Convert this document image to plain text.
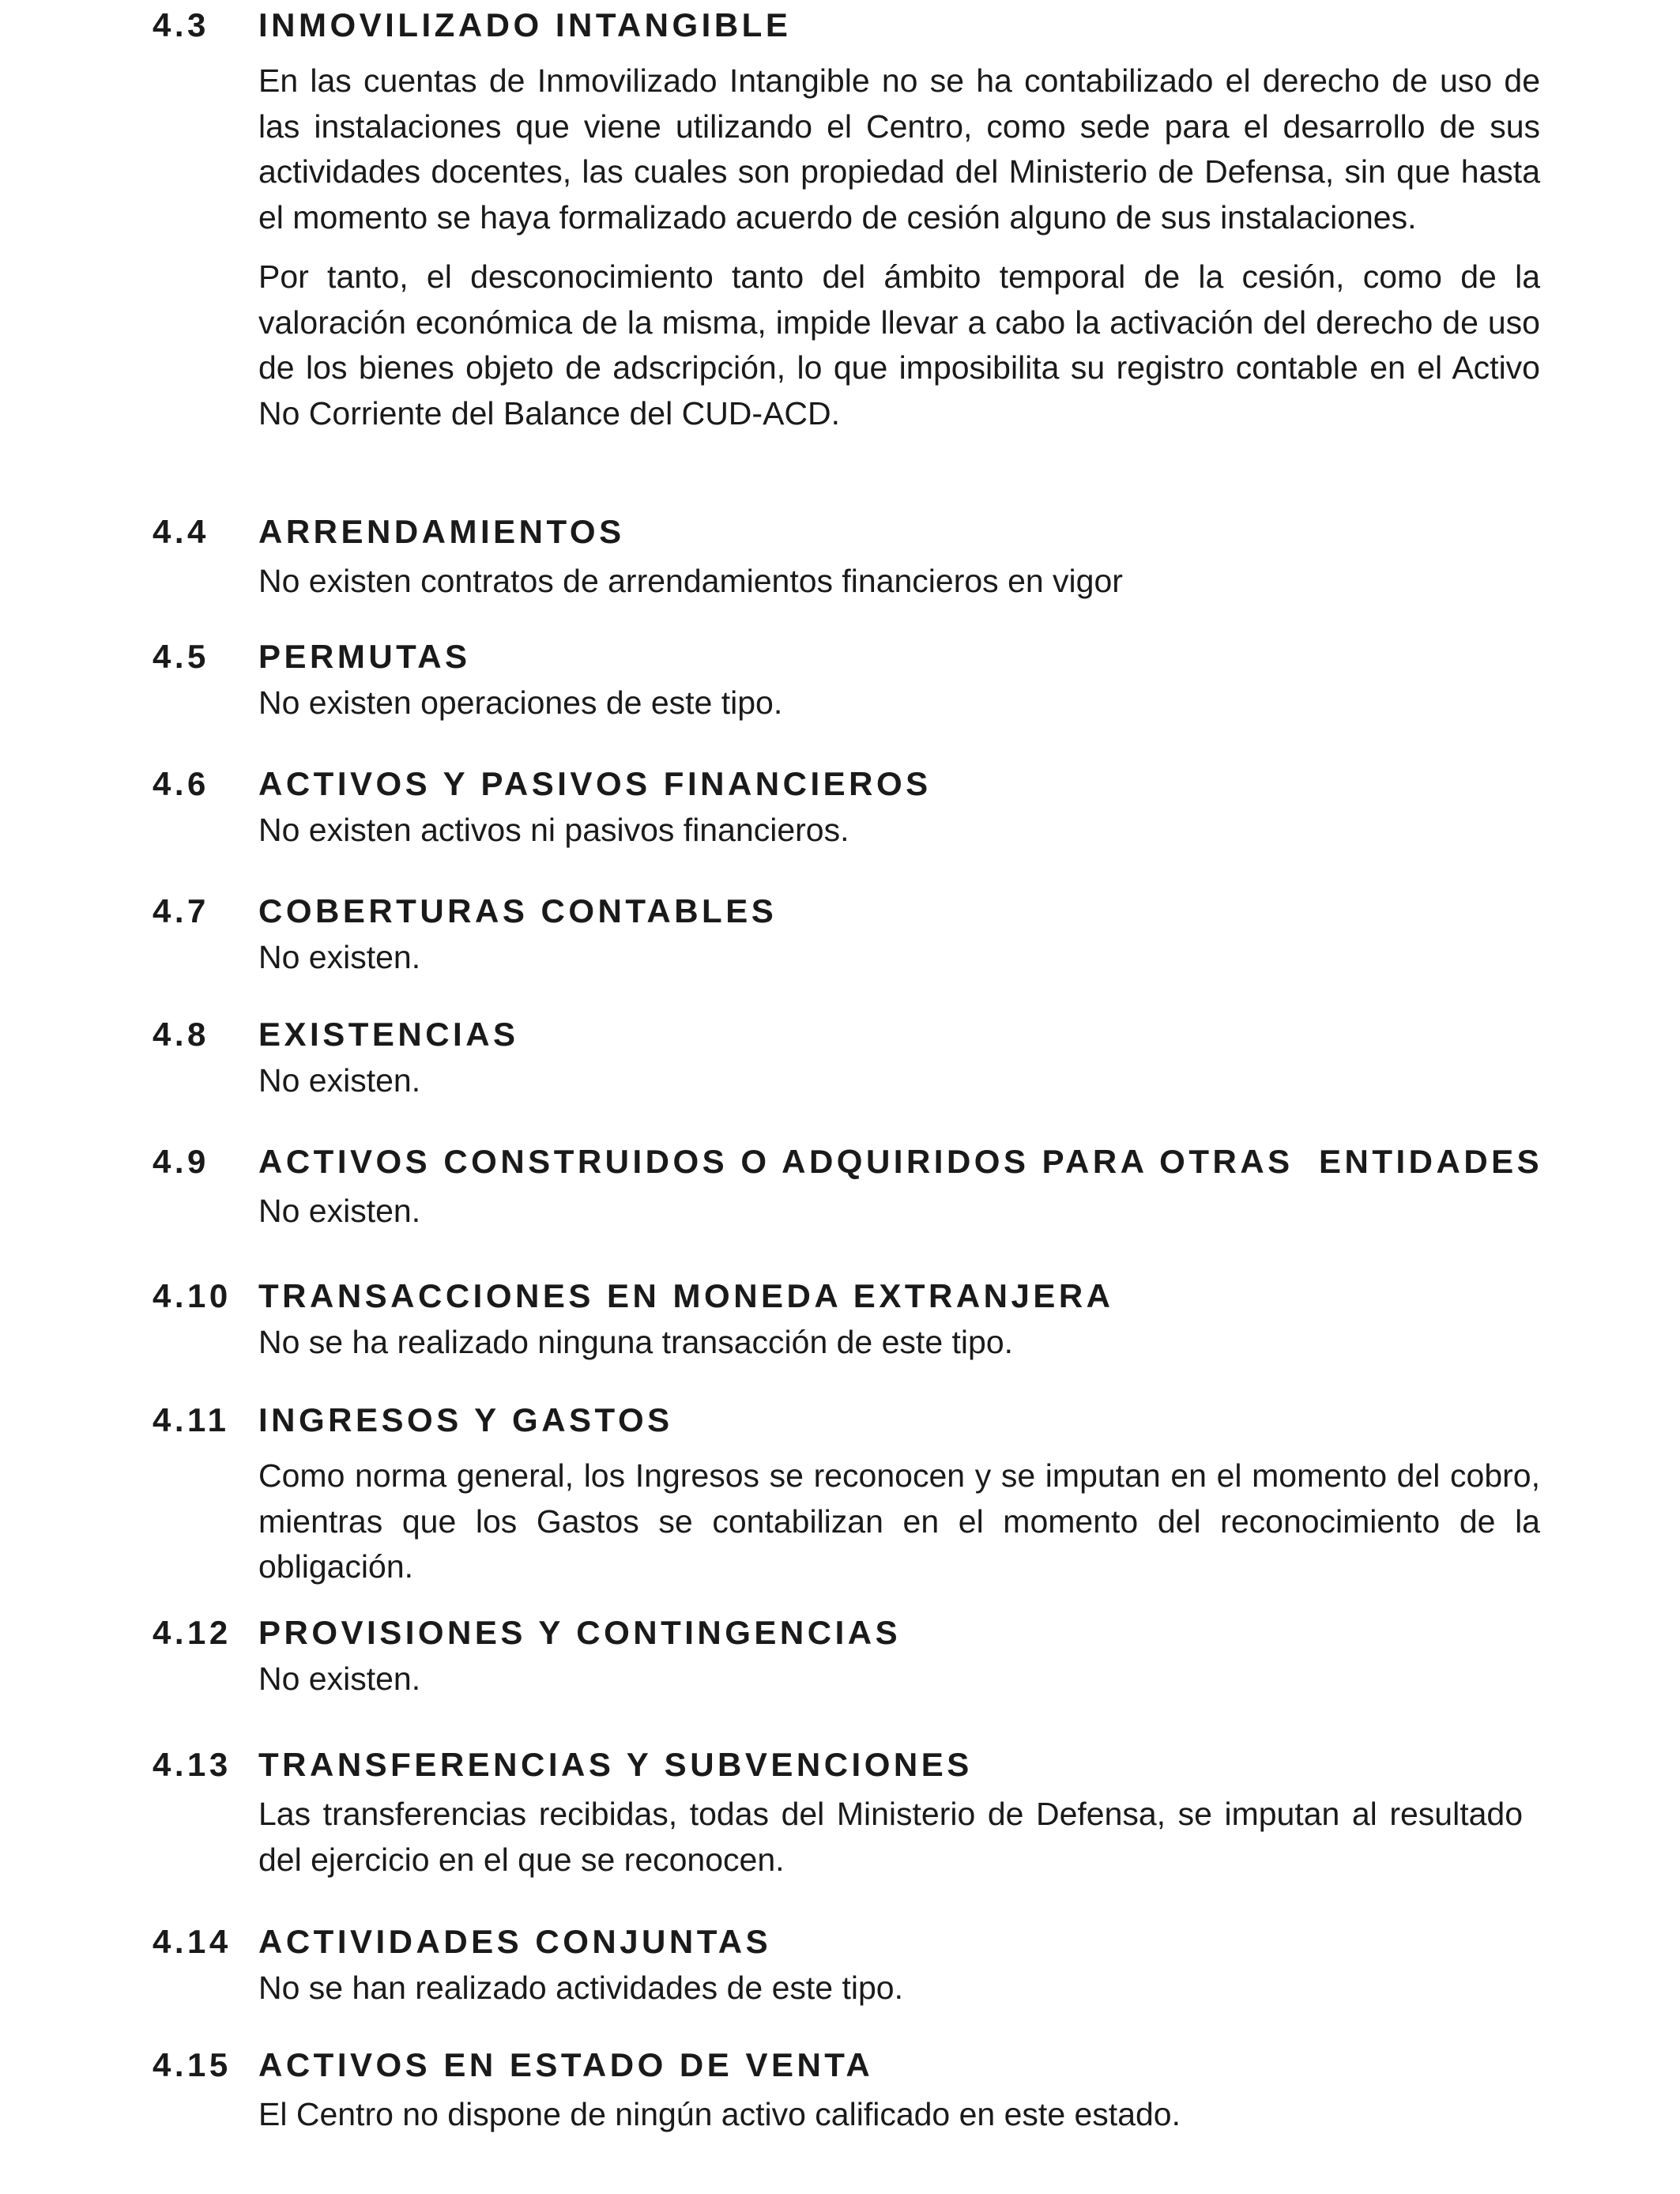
4.3 INMOVILIZADO INTANGIBLE

En las cuentas de Inmovilizado Intangible no se ha contabilizado el derecho de uso de las instalaciones que viene utilizando el Centro, como sede para el desarrollo de sus actividades docentes, las cuales son propiedad del Ministerio de Defensa, sin que hasta el momento se haya formalizado acuerdo de cesión alguno de sus instalaciones.

Por tanto, el desconocimiento tanto del ámbito temporal de la cesión, como de la valoración económica de la misma, impide llevar a cabo la activación del derecho de uso de los bienes objeto de adscripción, lo que imposibilita su registro contable en el Activo No Corriente del Balance del CUD-ACD.

4.4 ARRENDAMIENTOS

No existen contratos de arrendamientos financieros en vigor

4.5 PERMUTAS

No existen operaciones de este tipo.

4.6 ACTIVOS Y PASIVOS FINANCIEROS

No existen activos ni pasivos financieros.

4.7 COBERTURAS CONTABLES

No existen.

4.8 EXISTENCIAS

No existen.

4.9 ACTIVOS CONSTRUIDOS O ADQUIRIDOS PARA OTRAS  ENTIDADES

No existen.

4.10 TRANSACCIONES EN MONEDA EXTRANJERA

No se ha realizado ninguna transacción de este tipo.

4.11 INGRESOS Y GASTOS

Como norma general, los Ingresos se reconocen y se imputan en el momento del cobro, mientras que los Gastos se contabilizan en el momento del reconocimiento de la obligación.

4.12 PROVISIONES Y CONTINGENCIAS

No existen.

4.13 TRANSFERENCIAS Y SUBVENCIONES

Las transferencias recibidas, todas del Ministerio de Defensa, se imputan al resultado del ejercicio en el que se reconocen.

4.14 ACTIVIDADES CONJUNTAS

No se han realizado actividades de este tipo.

4.15 ACTIVOS EN ESTADO DE VENTA

El Centro no dispone de ningún activo calificado en este estado.
